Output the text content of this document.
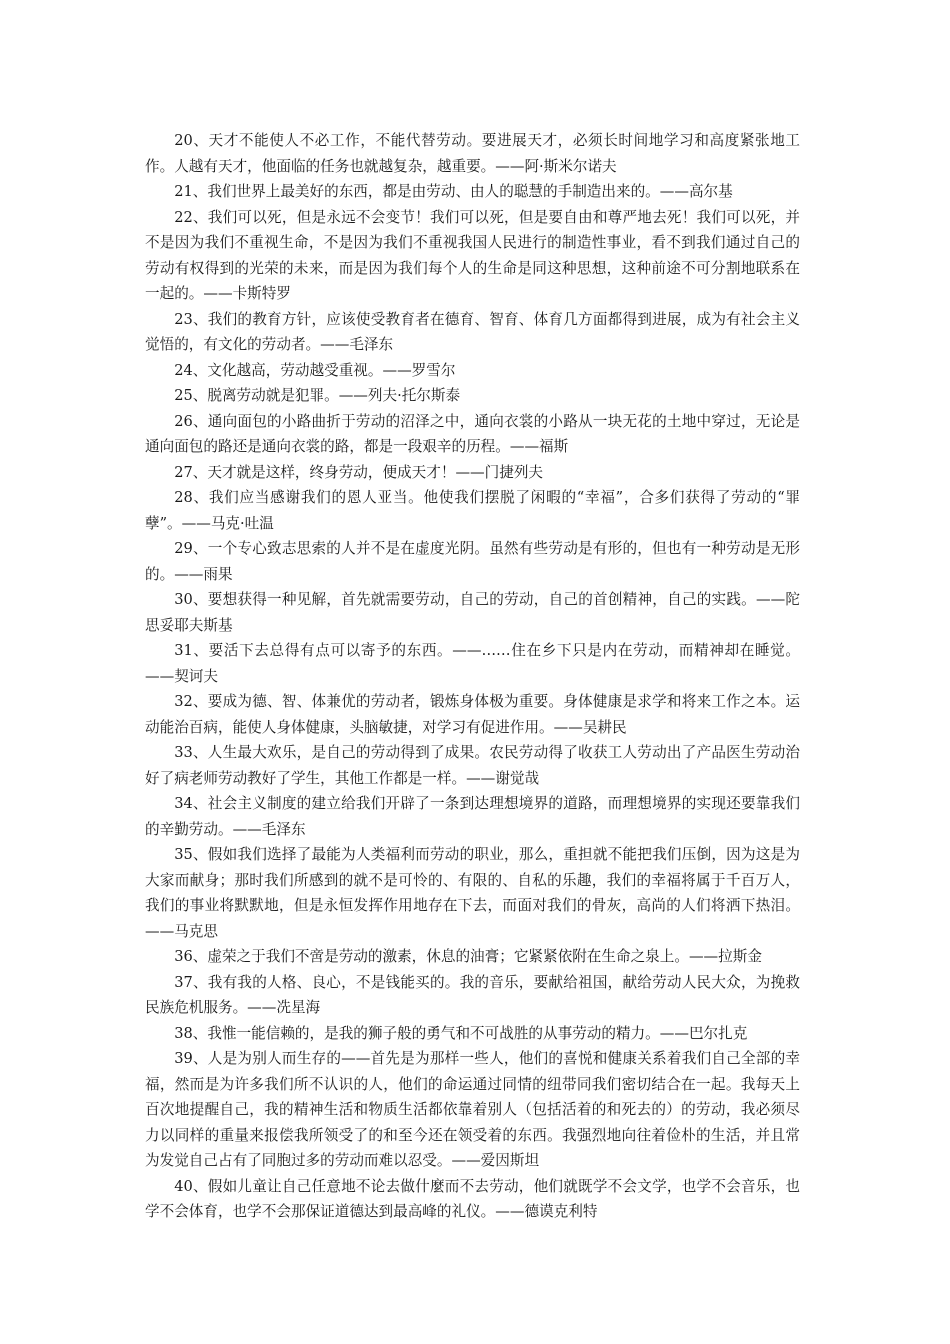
20、天才不能使人不必工作，不能代替劳动。要进展天才，必须长时间地学习和高度紧张地工作。人越有天才，他面临的任务也就越复杂，越重要。——阿·斯米尔诺夫

21、我们世界上最美好的东西，都是由劳动、由人的聪慧的手制造出来的。——高尔基

22、我们可以死，但是永远不会变节！我们可以死，但是要自由和尊严地去死！我们可以死，并不是因为我们不重视生命，不是因为我们不重视我国人民进行的制造性事业，看不到我们通过自己的劳动有权得到的光荣的未来，而是因为我们每个人的生命是同这种思想，这种前途不可分割地联系在一起的。——卡斯特罗

23、我们的教育方针，应该使受教育者在德育、智育、体育几方面都得到进展，成为有社会主义觉悟的，有文化的劳动者。——毛泽东

24、文化越高，劳动越受重视。——罗雪尔

25、脱离劳动就是犯罪。——列夫·托尔斯泰

26、通向面包的小路曲折于劳动的沼泽之中，通向衣裳的小路从一块无花的土地中穿过，无论是通向面包的路还是通向衣裳的路，都是一段艰辛的历程。——福斯

27、天才就是这样，终身劳动，便成天才！——门捷列夫

28、我们应当感谢我们的恩人亚当。他使我们摆脱了闲暇的“幸福”，合多们获得了劳动的“罪孽”。——马克·吐温

29、一个专心致志思索的人并不是在虚度光阴。虽然有些劳动是有形的，但也有一种劳动是无形的。——雨果

30、要想获得一种见解，首先就需要劳动，自己的劳动，自己的首创精神，自己的实践。——陀思妥耶夫斯基

31、要活下去总得有点可以寄予的东西。——……住在乡下只是内在劳动，而精神却在睡觉。——契诃夫

32、要成为德、智、体兼优的劳动者，锻炼身体极为重要。身体健康是求学和将来工作之本。运动能治百病，能使人身体健康，头脑敏捷，对学习有促进作用。——吴耕民

33、人生最大欢乐，是自己的劳动得到了成果。农民劳动得了收获工人劳动出了产品医生劳动治好了病老师劳动教好了学生，其他工作都是一样。——谢觉哉

34、社会主义制度的建立给我们开辟了一条到达理想境界的道路，而理想境界的实现还要靠我们的辛勤劳动。——毛泽东

35、假如我们选择了最能为人类福利而劳动的职业，那么，重担就不能把我们压倒，因为这是为大家而献身；那时我们所感到的就不是可怜的、有限的、自私的乐趣，我们的幸福将属于千百万人，我们的事业将默默地，但是永恒发挥作用地存在下去，而面对我们的骨灰，高尚的人们将洒下热泪。——马克思

36、虚荣之于我们不啻是劳动的激素，休息的油膏；它紧紧依附在生命之泉上。——拉斯金

37、我有我的人格、良心，不是钱能买的。我的音乐，要献给祖国，献给劳动人民大众，为挽救民族危机服务。——冼星海

38、我惟一能信赖的，是我的狮子般的勇气和不可战胜的从事劳动的精力。——巴尔扎克

39、人是为别人而生存的——首先是为那样一些人，他们的喜悦和健康关系着我们自己全部的幸福，然而是为许多我们所不认识的人，他们的命运通过同情的纽带同我们密切结合在一起。我每天上百次地提醒自己，我的精神生活和物质生活都依靠着别人（包括活着的和死去的）的劳动，我必须尽力以同样的重量来报偿我所领受了的和至今还在领受着的东西。我强烈地向往着俭朴的生活，并且常为发觉自己占有了同胞过多的劳动而难以忍受。——爱因斯坦

40、假如儿童让自己任意地不论去做什麼而不去劳动，他们就既学不会文学，也学不会音乐，也学不会体育，也学不会那保证道德达到最高峰的礼仪。——德谟克利特
